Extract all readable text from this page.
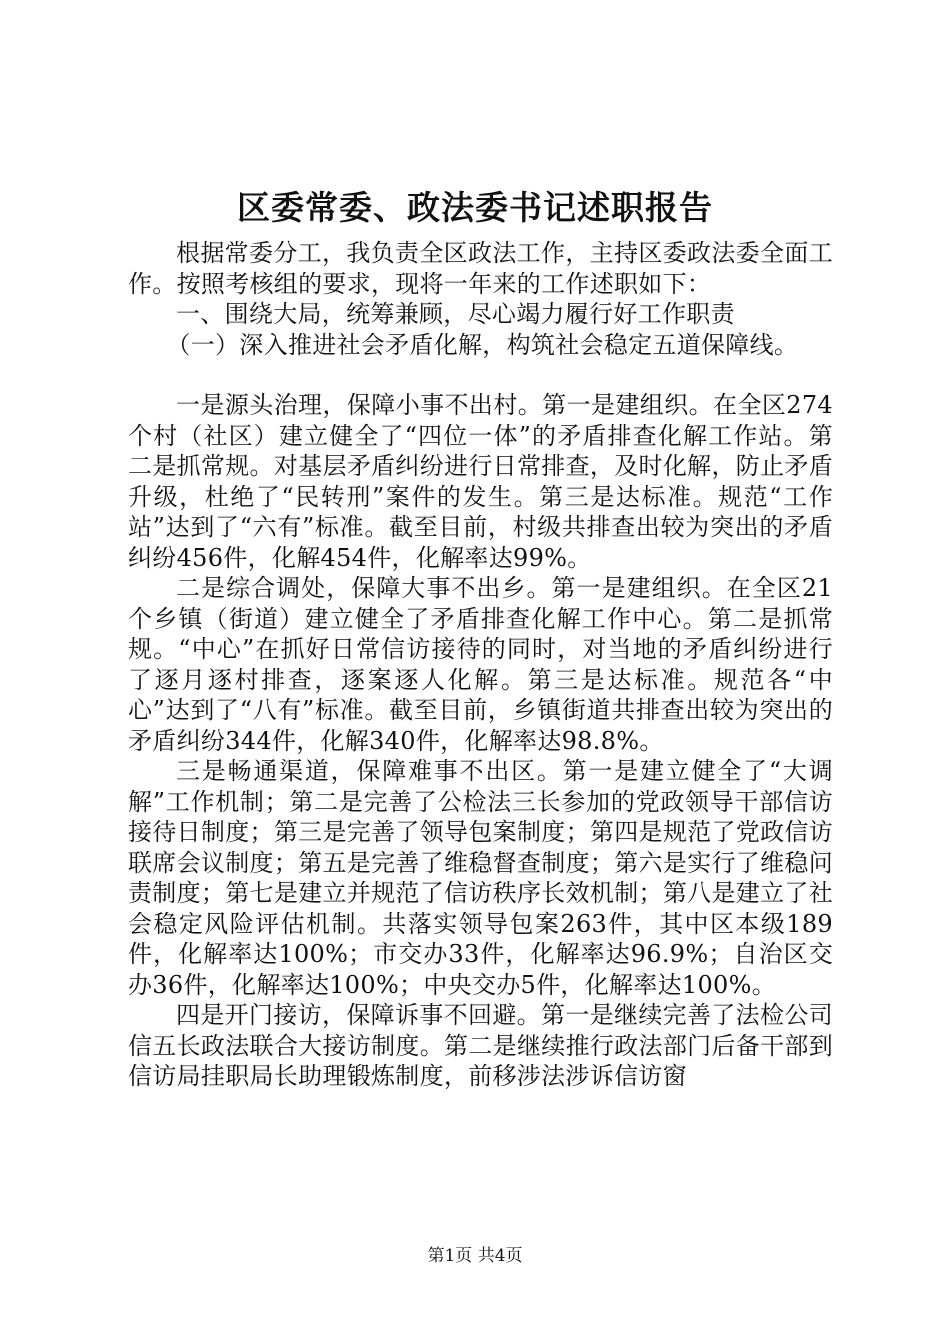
区委常委、政法委书记述职报告

根据常委分工，我负责全区政法工作，主持区委政法委全面工作。按照考核组的要求，现将一年来的工作述职如下：

一、围绕大局，统筹兼顾，尽心竭力履行好工作职责

（一）深入推进社会矛盾化解，构筑社会稳定五道保障线。

一是源头治理，保障小事不出村。第一是建组织。在全区274个村（社区）建立健全了“四位一体”的矛盾排查化解工作站。第二是抓常规。对基层矛盾纠纷进行日常排查，及时化解，防止矛盾升级，杜绝了“民转刑”案件的发生。第三是达标准。规范“工作站”达到了“六有”标准。截至目前，村级共排查出较为突出的矛盾纠纷456件，化解454件，化解率达99%。

二是综合调处，保障大事不出乡。第一是建组织。在全区21个乡镇（街道）建立健全了矛盾排查化解工作中心。第二是抓常规。“中心”在抓好日常信访接待的同时，对当地的矛盾纠纷进行了逐月逐村排查，逐案逐人化解。第三是达标准。规范各“中心”达到了“八有”标准。截至目前，乡镇街道共排查出较为突出的矛盾纠纷344件，化解340件，化解率达98.8%。

三是畅通渠道，保障难事不出区。第一是建立健全了“大调解”工作机制；第二是完善了公检法三长参加的党政领导干部信访接待日制度；第三是完善了领导包案制度；第四是规范了党政信访联席会议制度；第五是完善了维稳督查制度；第六是实行了维稳问责制度；第七是建立并规范了信访秩序长效机制；第八是建立了社会稳定风险评估机制。共落实领导包案263件，其中区本级189件，化解率达100%；市交办33件，化解率达96.9%；自治区交办36件，化解率达100%；中央交办5件，化解率达100%。

四是开门接访，保障诉事不回避。第一是继续完善了法检公司信五长政法联合大接访制度。第二是继续推行政法部门后备干部到信访局挂职局长助理锻炼制度，前移涉法涉诉信访窗

第1页 共4页
